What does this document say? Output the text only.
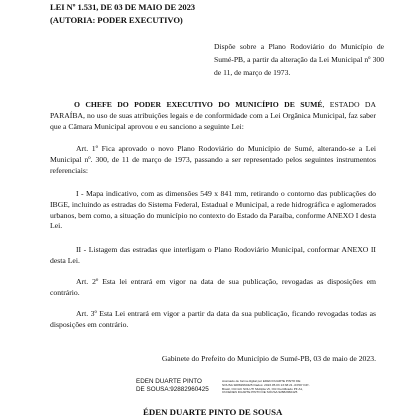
LEI Nº 1.531, DE 03 DE MAIO DE 2023
(AUTORIA: PODER EXECUTIVO)
Dispõe sobre a Plano Rodoviário do Município de Sumé-PB, a partir da alteração da Lei Municipal nº 300 de 11, de março de 1973.
O CHEFE DO PODER EXECUTIVO DO MUNICÍPIO DE SUMÉ, ESTADO DA PARAÍBA, no uso de suas atribuições legais e de conformidade com a Lei Orgânica Municipal, faz saber que a Câmara Municipal aprovou e eu sanciono a seguinte Lei:
Art. 1º Fica aprovado o novo Plano Rodoviário do Município de Sumé, alterando-se a Lei Municipal nº. 300, de 11 de março de 1973, passando a ser representado pelos seguintes instrumentos referenciais:
I - Mapa indicativo, com as dimensões 549 x 841 mm, retirando o contorno das publicações do IBGE, incluindo as estradas do Sistema Federal, Estadual e Municipal, a rede hidrográfica e aglomerados urbanos, bem como, a situação do município no contexto do Estado da Paraíba, conforme ANEXO I desta Lei.
II - Listagem das estradas que interligam o Plano Rodoviário Municipal, conformar ANEXO II desta Lei.
Art. 2º Esta lei entrará em vigor na data de sua publicação, revogadas as disposições em contrário.
Art. 3º Esta Lei entrará em vigor a partir da data da sua publicação, ficando revogadas todas as disposições em contrário.
Gabinete do Prefeito do Município de Sumé-PB, 03 de maio de 2023.
EDEN DUARTE PINTO DE SOUSA:92882960425
Assinado de forma digital por EDEN DUARTE PINTO DE SOUSA:92882960425 Dados: 2023.05.03 13:38:21 -03'00' ICP-Brasil, OU=AC SOLUTI Multipla v5, OU=Certificado PF A1, CN=EDEN DUARTE PINTO DE SOUSA:92882960425
ÉDEN DUARTE PINTO DE SOUSA
